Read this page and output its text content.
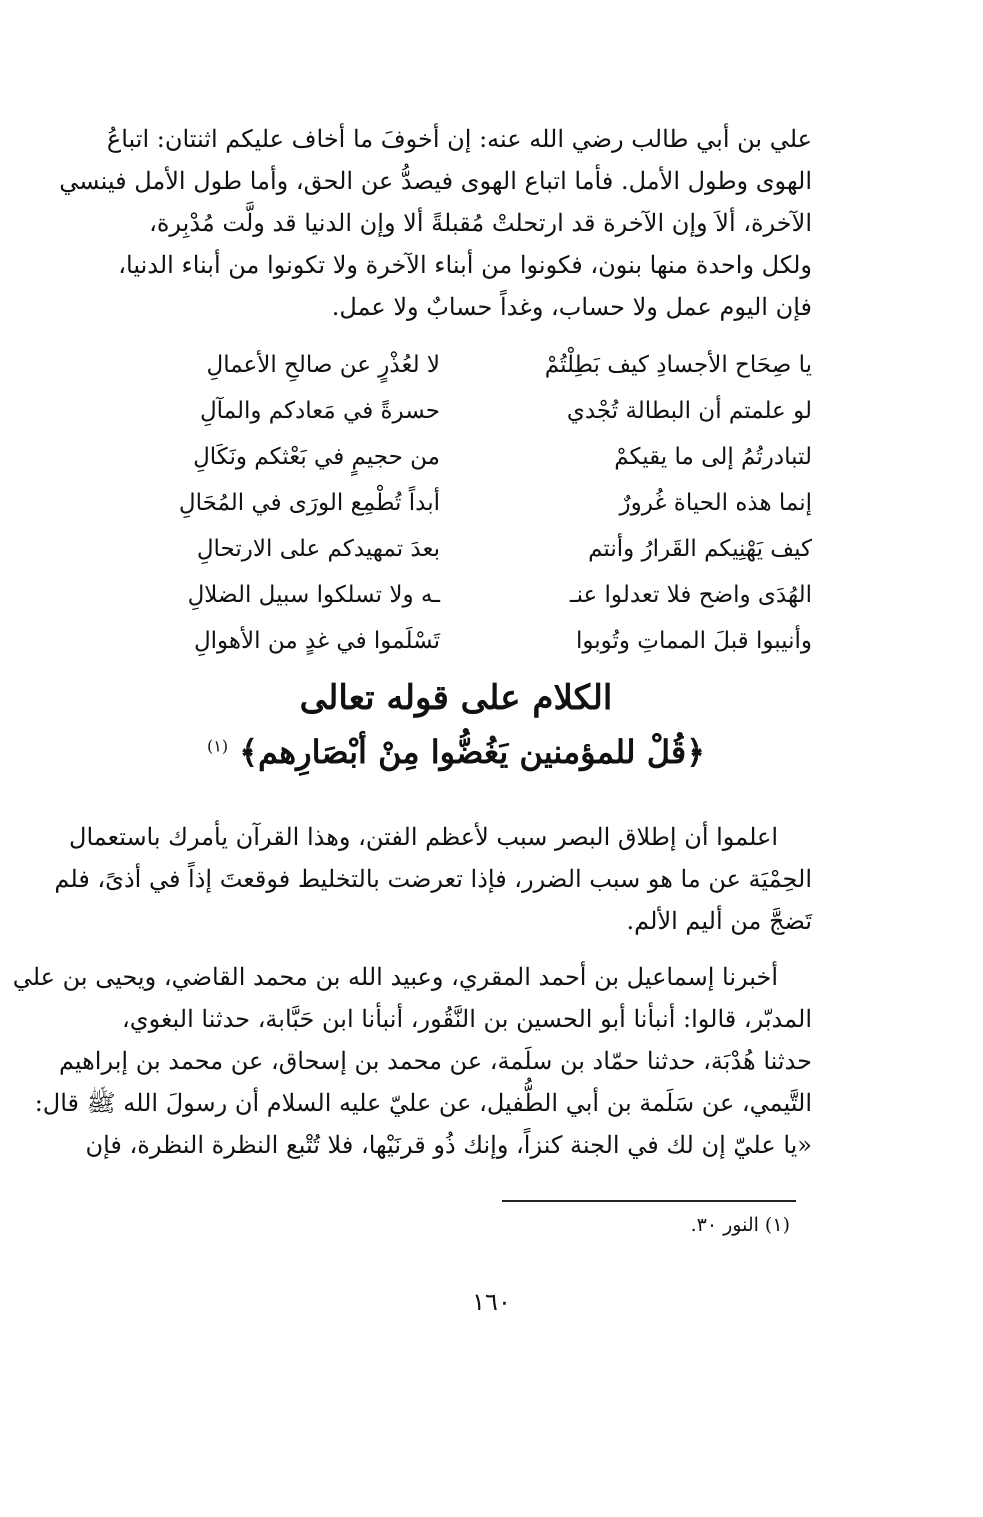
علي بن أبي طالب رضي الله عنه: إن أخوفَ ما أخاف عليكم اثنتان: اتباعُ
الهوى وطول الأمل. فأما اتباع الهوى فيصدُّ عن الحق، وأما طول الأمل فينسي
الآخرة، ألاَ وإن الآخرة قد ارتحلتْ مُقبلةً ألا وإن الدنيا قد ولَّت مُدْبِرة،
ولكل واحدة منها بنون، فكونوا من أبناء الآخرة ولا تكونوا من أبناء الدنيا،
فإن اليوم عمل ولا حساب، وغداً حسابٌ ولا عمل.
يا صِحَاح الأجسادِ كيف بَطِلْتُمْ
لا لعُذْرٍ عن صالحِ الأعمالِ
لو علمتم أن البطالة تُجْدي
حسرةً في مَعادكم والمآلِ
لتبادرتُمُ إلى ما يقيكمْ
من حجيمٍ في بَعْثكم ونَكَالِ
إنما هذه الحياة غُرورٌ
أبداً تُطْمِع الورَى في المُحَالِ
كيف يَهْنِيكم القَرارُ وأنتم
بعدَ تمهيدكم على الارتحالِ
الهُدَى واضح فلا تعدلوا عنـ
ـه ولا تسلكوا سبيل الضلالِ
وأنيبوا قبلَ المماتِ وتُوبوا
تَسْلَموا في غدٍ من الأهوالِ
الكلام على قوله تعالى
﴿قُلْ للمؤمنين يَغُضُّوا مِنْ أبْصَارِهم﴾ $^{(١)}$
اعلموا أن إطلاق البصر سبب لأعظم الفتن، وهذا القرآن يأمرك باستعمال
الحِمْيَة عن ما هو سبب الضرر، فإذا تعرضت بالتخليط فوقعتَ إذاً في أذىً، فلم
تَضجَّ من أليم الألم.
أخبرنا إسماعيل بن أحمد المقري، وعبيد الله بن محمد القاضي، ويحيى بن علي
المدبّر، قالوا: أنبأنا أبو الحسين بن النَّقُور، أنبأنا ابن حَبَّابة، حدثنا البغوي،
حدثنا هُدْبَة، حدثنا حمّاد بن سلَمة، عن محمد بن إسحاق، عن محمد بن إبراهيم
التَّيمي، عن سَلَمة بن أبي الطُّفيل، عن عليّ عليه السلام أن رسولَ الله ﷺ قال:
«يا عليّ إن لك في الجنة كنزاً، وإنك ذُو قرنَيْها، فلا تُتْبع النظرة النظرة، فإن
(١) النور ٣٠.
١٦٠
